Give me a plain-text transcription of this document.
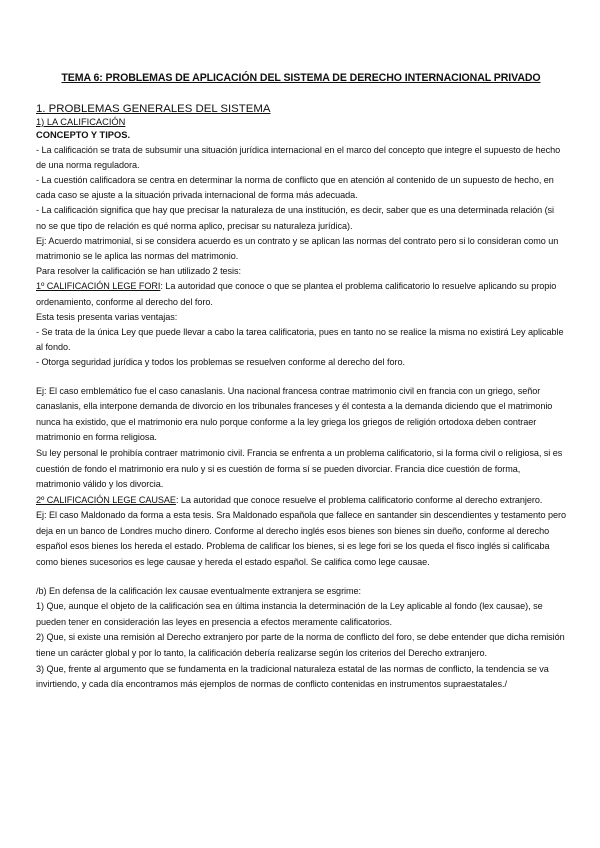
TEMA 6: PROBLEMAS DE APLICACIÓN DEL SISTEMA DE DERECHO INTERNACIONAL PRIVADO
1. PROBLEMAS GENERALES DEL SISTEMA
1) LA CALIFICACIÓN
CONCEPTO Y TIPOS.

- La calificación se trata de subsumir una situación jurídica internacional en el marco del concepto que integre el supuesto de hecho de una norma reguladora.

- La cuestión calificadora se centra en determinar la norma de conflicto que en atención al contenido de un supuesto de hecho, en cada caso se ajuste a la situación privada internacional de forma más adecuada.

- La calificación significa que hay que precisar la naturaleza de una institución, es decir, saber que es una determinada relación (si no se que tipo de relación es qué norma aplico, precisar su naturaleza jurídica).

Ej: Acuerdo matrimonial, si se considera acuerdo es un contrato y se aplican las normas del contrato pero si lo consideran como un matrimonio se le aplica las normas del matrimonio.

Para resolver la calificación se han utilizado 2 tesis:

1º CALIFICACIÓN LEGE FORI: La autoridad que conoce o que se plantea el problema calificatorio lo resuelve aplicando su propio ordenamiento, conforme al derecho del foro.

Esta tesis presenta varias ventajas:

- Se trata de la única Ley que puede llevar a cabo la tarea calificatoria, pues en tanto no se realice la misma no existirá Ley aplicable al fondo.

- Otorga seguridad jurídica y todos los problemas se resuelven conforme al derecho del foro.

Ej: El caso emblemático fue el caso canaslanis. Una nacional francesa contrae matrimonio civil en francia con un griego, señor canaslanis, ella interpone demanda de divorcio en los tribunales franceses y él contesta a la demanda diciendo que el matrimonio nunca ha existido, que el matrimonio era nulo porque conforme a la ley griega los griegos de religión ortodoxa deben contraer matrimonio en forma religiosa.

Su ley personal le prohibía contraer matrimonio civil. Francia se enfrenta a un problema calificatorio, si la forma civil o religiosa, si es cuestión de fondo el matrimonio era nulo y si es cuestión de forma sí se pueden divorciar. Francia dice cuestión de forma, matrimonio válido y los divorcia.

2º CALIFICACIÓN LEGE CAUSAE: La autoridad que conoce resuelve el problema calificatorio conforme al derecho extranjero.

Ej: El caso Maldonado da forma a esta tesis. Sra Maldonado española que fallece en santander sin descendientes y testamento pero deja en un banco de Londres mucho dinero. Conforme al derecho inglés esos bienes son bienes sin dueño, conforme al derecho español esos bienes los hereda el estado. Problema de calificar los bienes, si es lege fori se los queda el fisco inglés si calificaba como bienes sucesorios es lege causae y hereda el estado español. Se califica como lege causae.

/b) En defensa de la calificación lex causae eventualmente extranjera se esgrime:

1) Que, aunque el objeto de la calificación sea en última instancia la determinación de la Ley aplicable al fondo (lex causae), se pueden tener en consideración las leyes en presencia a efectos meramente calificatorios.

2) Que, si existe una remisión al Derecho extranjero por parte de la norma de conflicto del foro, se debe entender que dicha remisión tiene un carácter global y por lo tanto, la calificación debería realizarse según los criterios del Derecho extranjero.

3) Que, frente al argumento que se fundamenta en la tradicional naturaleza estatal de las normas de conflicto, la tendencia se va invirtiendo, y cada día encontramos más ejemplos de normas de conflicto contenidas en instrumentos supraestatales./
